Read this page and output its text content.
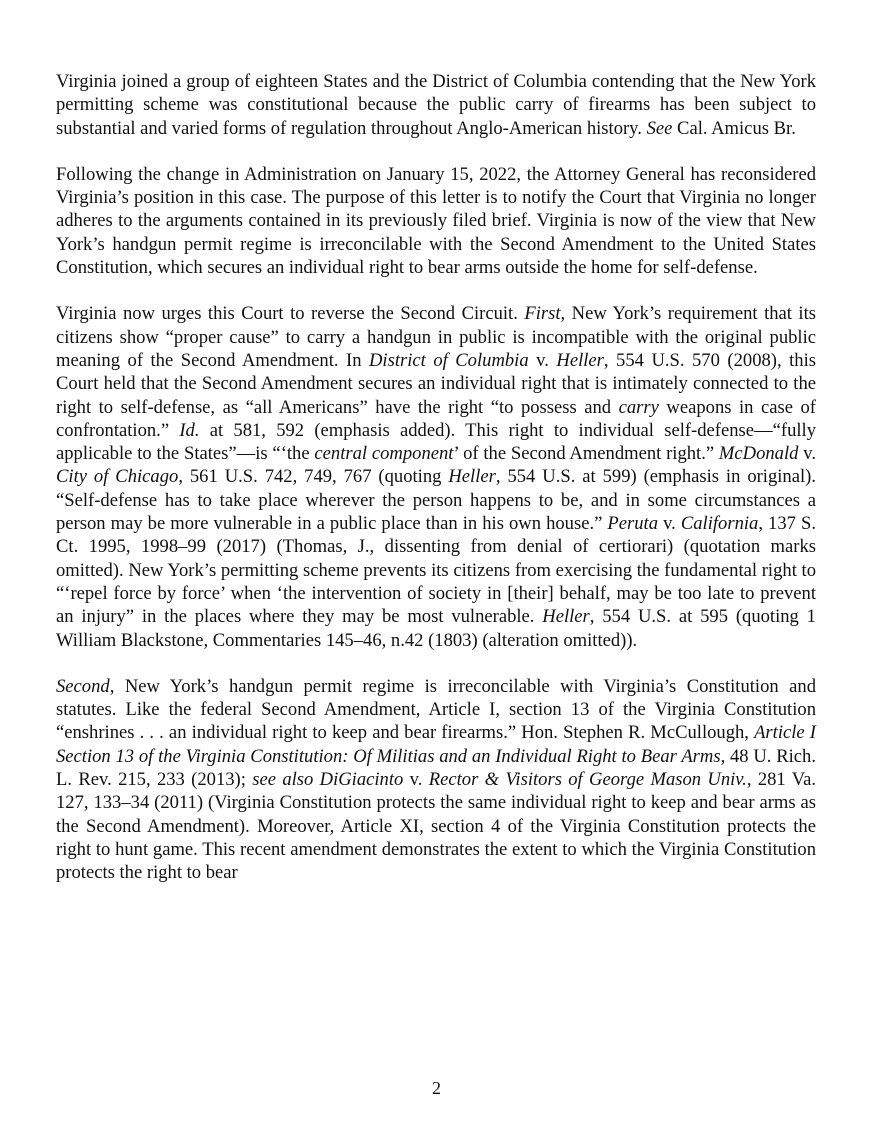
Virginia joined a group of eighteen States and the District of Columbia contending that the New York permitting scheme was constitutional because the public carry of firearms has been subject to substantial and varied forms of regulation throughout Anglo-American history. See Cal. Amicus Br.

Following the change in Administration on January 15, 2022, the Attorney General has reconsidered Virginia’s position in this case. The purpose of this letter is to notify the Court that Virginia no longer adheres to the arguments contained in its previously filed brief. Virginia is now of the view that New York’s handgun permit regime is irreconcilable with the Second Amendment to the United States Constitution, which secures an individual right to bear arms outside the home for self-defense.

Virginia now urges this Court to reverse the Second Circuit. First, New York’s requirement that its citizens show “proper cause” to carry a handgun in public is incompatible with the original public meaning of the Second Amendment. In District of Columbia v. Heller, 554 U.S. 570 (2008), this Court held that the Second Amendment secures an individual right that is intimately connected to the right to self-defense, as “all Americans” have the right “to possess and carry weapons in case of confrontation.” Id. at 581, 592 (emphasis added). This right to individual self-defense—“fully applicable to the States”—is “‘the central component’ of the Second Amendment right.” McDonald v. City of Chicago, 561 U.S. 742, 749, 767 (quoting Heller, 554 U.S. at 599) (emphasis in original). “Self-defense has to take place wherever the person happens to be, and in some circumstances a person may be more vulnerable in a public place than in his own house.” Peruta v. California, 137 S. Ct. 1995, 1998–99 (2017) (Thomas, J., dissenting from denial of certiorari) (quotation marks omitted). New York’s permitting scheme prevents its citizens from exercising the fundamental right to “‘repel force by force’ when ‘the intervention of society in [their] behalf, may be too late to prevent an injury” in the places where they may be most vulnerable. Heller, 554 U.S. at 595 (quoting 1 William Blackstone, Commentaries 145–46, n.42 (1803) (alteration omitted)).

Second, New York’s handgun permit regime is irreconcilable with Virginia’s Constitution and statutes. Like the federal Second Amendment, Article I, section 13 of the Virginia Constitution “enshrines . . . an individual right to keep and bear firearms.” Hon. Stephen R. McCullough, Article I Section 13 of the Virginia Constitution: Of Militias and an Individual Right to Bear Arms, 48 U. Rich. L. Rev. 215, 233 (2013); see also DiGiacinto v. Rector & Visitors of George Mason Univ., 281 Va. 127, 133–34 (2011) (Virginia Constitution protects the same individual right to keep and bear arms as the Second Amendment). Moreover, Article XI, section 4 of the Virginia Constitution protects the right to hunt game. This recent amendment demonstrates the extent to which the Virginia Constitution protects the right to bear

2
